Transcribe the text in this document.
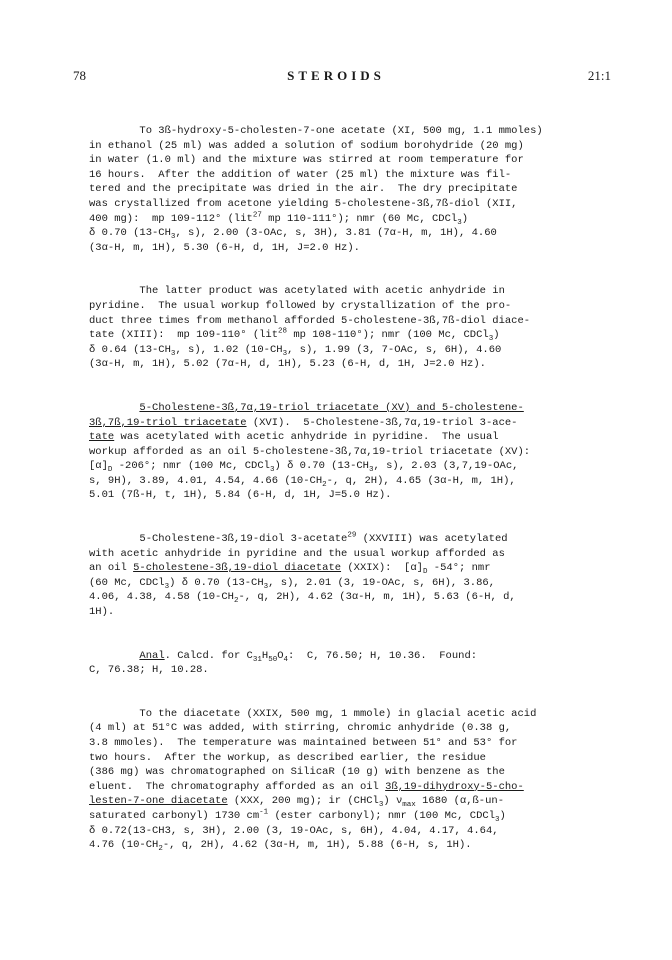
78	STEROIDS	21:1
To 3ß-hydroxy-5-cholesten-7-one acetate (XI, 500 mg, 1.1 mmoles)
in ethanol (25 ml) was added a solution of sodium borohydride (20 mg)
in water (1.0 ml) and the mixture was stirred at room temperature for
16 hours.  After the addition of water (25 ml) the mixture was fil-
tered and the precipitate was dried in the air.  The dry precipitate
was crystallized from acetone yielding 5-cholestene-3ß,7ß-diol (XII,
400 mg):  mp 109-112° (lit$^{27}$ mp 110-111°); nmr (60 Mc, CDCl$_3$)
δ 0.70 ($13-CH_3$, s), 2.00 (3-OAc, s, 3H), 3.81 (7α-H, m, 1H), 4.60
(3α-H, m, 1H), 5.30 (6-H, d, 1H, J=2.0 Hz).
The latter product was acetylated with acetic anhydride in
pyridine.  The usual workup followed by crystallization of the pro-
duct three times from methanol afforded 5-cholestene-3ß,7ß-diol diace-
tate (XIII):  mp 109-110° (lit$^{28}$ mp 108-110°); nmr (100 Mc, CDCl$_3$)
δ 0.64 ($13-CH_3$, s), 1.02 ($10-CH_3$, s), 1.99 (3, 7-OAc, s, 6H), 4.60
(3α-H, m, 1H), 5.02 (7α-H, d, 1H), 5.23 (6-H, d, 1H, J=2.0 Hz).
5-Cholestene-3ß,7α,19-triol triacetate (XV) and 5-cholestene-
3ß,7ß,19-triol triacetate (XVI).  5-Cholestene-3ß,7α,19-triol 3-ace-
tate was acetylated with acetic anhydride in pyridine.  The usual
workup afforded as an oil 5-cholestene-3ß,7α,19-triol triacetate (XV):
$[\alpha]_D$ -206°; nmr (100 Mc, CDCl$_3$) δ 0.70 ($13-CH_3$, s), 2.03 (3,7,19-OAc,
s, 9H), 3.89, 4.01, 4.54, 4.66 ($10-CH_2-$, q, 2H), 4.65 (3α-H, m, 1H),
5.01 (7ß-H, t, 1H), 5.84 (6-H, d, 1H, J=5.0 Hz).
5-Cholestene-3ß,19-diol 3-acetate$^{29}$ (XXVIII) was acetylated
with acetic anhydride in pyridine and the usual workup afforded as
an oil 5-cholestene-3ß,19-diol diacetate (XXIX):  $[\alpha]_D$ -54°; nmr
(60 Mc, CDCl$_3$) δ 0.70 ($13-CH_3$, s), 2.01 (3, 19-OAc, s, 6H), 3.86,
4.06, 4.38, 4.58 ($10-CH_2-$, q, 2H), 4.62 (3α-H, m, 1H), 5.63 (6-H, d,
1H).
Anal. Calcd. for $C_{31}H_{50}O_4$:  C, 76.50; H, 10.36.  Found:
C, 76.38; H, 10.28.
To the diacetate (XXIX, 500 mg, 1 mmole) in glacial acetic acid
(4 ml) at 51°C was added, with stirring, chromic anhydride (0.38 g,
3.8 mmoles).  The temperature was maintained between 51° and 53° for
two hours.  After the workup, as described earlier, the residue
(386 mg) was chromatographed on SilicaR (10 g) with benzene as the
eluent.  The chromatography afforded as an oil 3ß,19-dihydroxy-5-cho-
lesten-7-one diacetate (XXX, 200 mg); ir (CHCl$_3$) $\nu_{max}$ 1680 (α,ß-un-
saturated carbonyl) 1730 $cm^{-1}$ (ester carbonyl); nmr (100 Mc, CDCl$_3$)
δ 0.72(13-CH3, s, 3H), 2.00 (3, 19-OAc, s, 6H), 4.04, 4.17, 4.64,
4.76 ($10-CH_2-$, q, 2H), 4.62 (3α-H, m, 1H), 5.88 (6-H, s, 1H).
